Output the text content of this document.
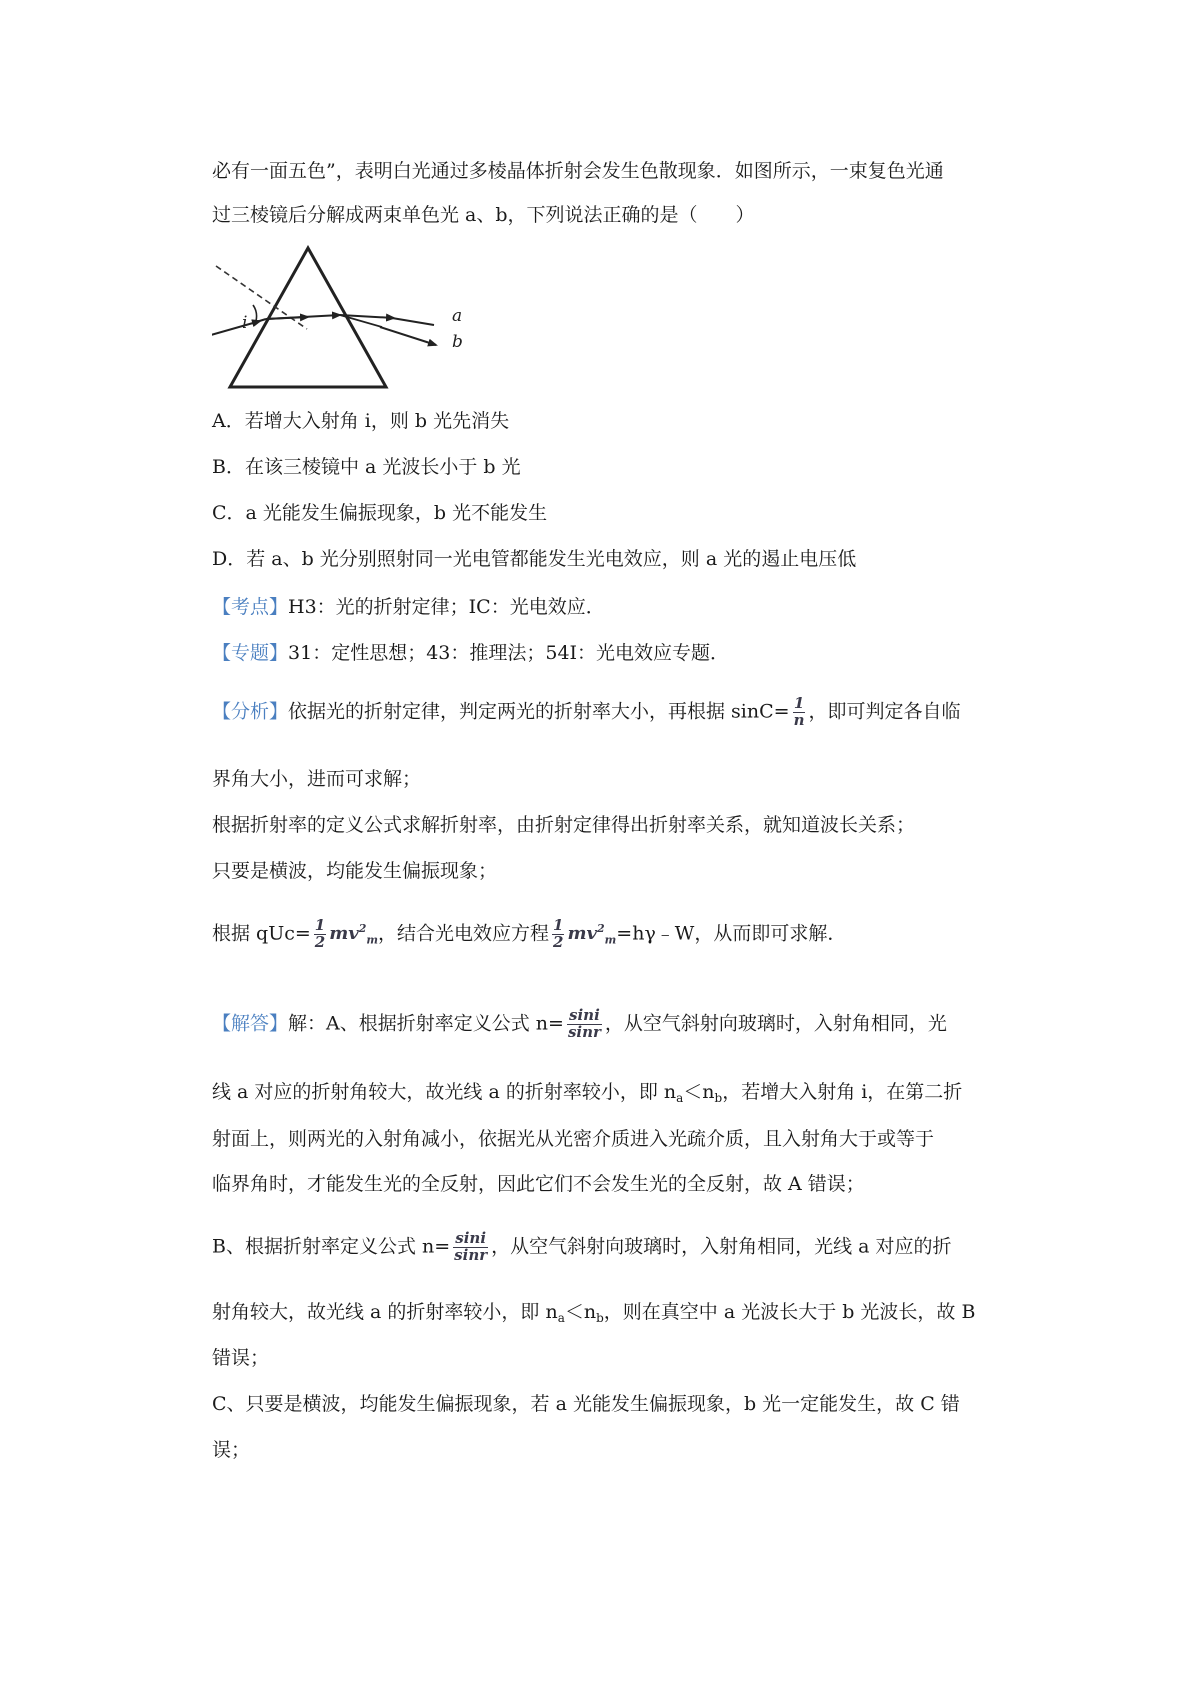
必有一面五色”，表明白光通过多棱晶体折射会发生色散现象．如图所示，一束复色光通
过三棱镜后分解成两束单色光 a、b，下列说法正确的是（　　）
i	a
b
A．若增大入射角 i，则 b 光先消失
B．在该三棱镜中 a 光波长小于 b 光
C．a 光能发生偏振现象，b 光不能发生
D．若 a、b 光分别照射同一光电管都能发生光电效应，则 a 光的遏止电压低
【考点】H3：光的折射定律；IC：光电效应．
【专题】31：定性思想；43：推理法；54I：光电效应专题．
【分析】依据光的折射定律，判定两光的折射率大小，再根据 $\sin C= \frac{1}{n}$ ，即可判定各自临
界角大小，进而可求解；
根据折射率的定义公式求解折射率，由折射定律得出折射率关系，就知道波长关系；
只要是横波，均能发生偏振现象；
根据 $qUc= \frac{1}{2} mv^2_m$，结合光电效应方程 $\frac{1}{2}$ $mv^2_m=h\gamma﹣W$，从而即可求解．
【解答】解：A、根据折射率定义公式 $n= \frac{\sin i}{\sin r}$ ，从空气斜射向玻璃时，入射角相同，光
线 a 对应的折射角较大，故光线 a 的折射率较小，即 $n_a<n_b$，若增大入射角 i，在第二折
射面上，则两光的入射角减小，依据光从光密介质进入光疏介质，且入射角大于或等于
临界角时，才能发生光的全反射，因此它们不会发生光的全反射，故 A 错误；
B、根据折射率定义公式 $n= \frac{\sin i}{\sin r}$ ，从空气斜射向玻璃时，入射角相同，光线 a 对应的折
射角较大，故光线 a 的折射率较小，即 $n_a<n_b$，则在真空中 a 光波长大于 b 光波长，故 B
错误；
C、只要是横波，均能发生偏振现象，若 a 光能发生偏振现象，b 光一定能发生，故 C 错
误；
